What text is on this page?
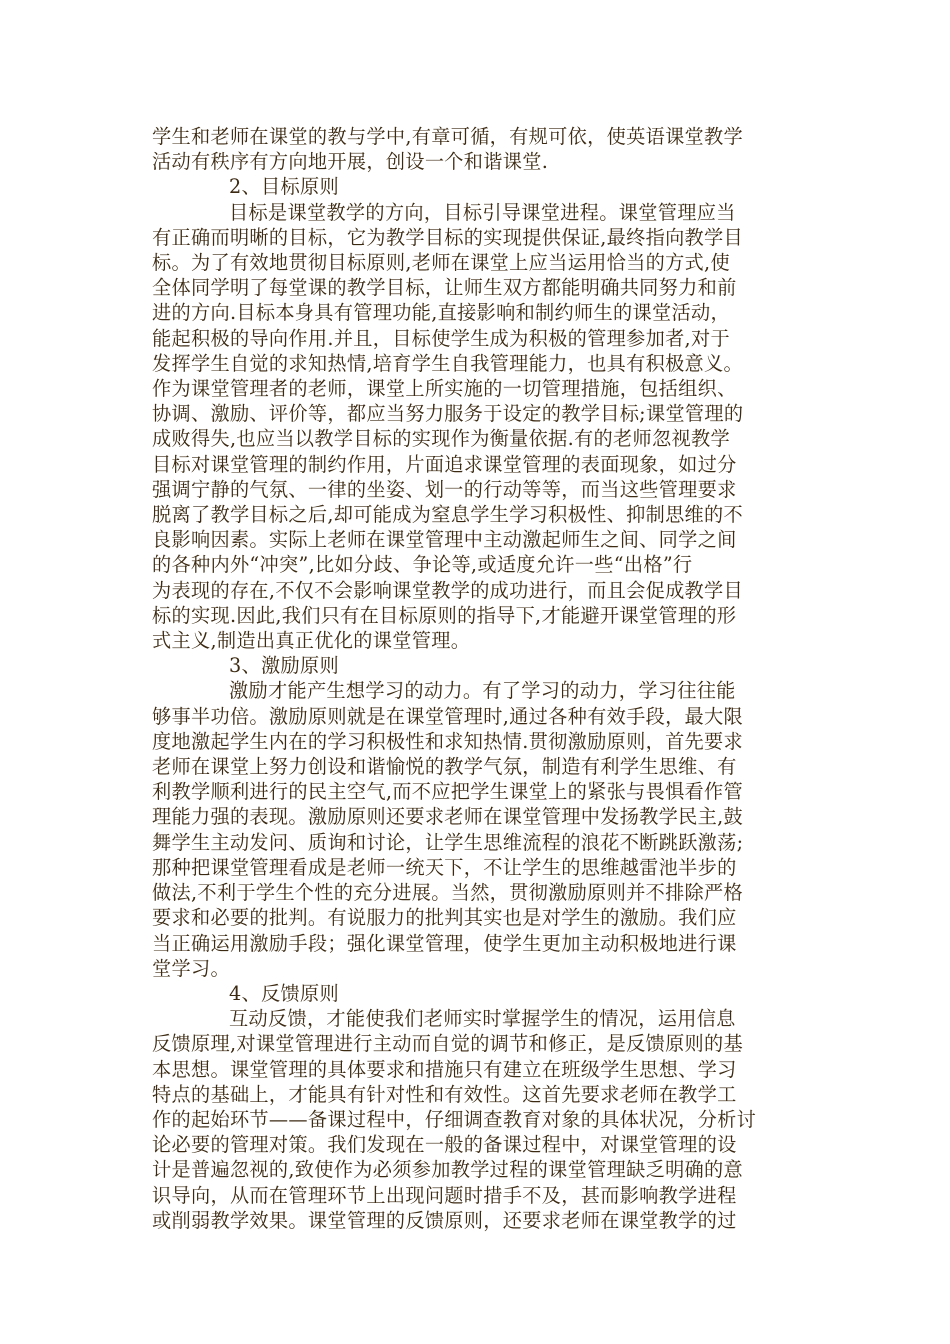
学生和老师在课堂的教与学中,有章可循，有规可依，使英语课堂教学

活动有秩序有方向地开展，创设一个和谐课堂.

2、目标原则

目标是课堂教学的方向，目标引导课堂进程。课堂管理应当

有正确而明晰的目标，它为教学目标的实现提供保证,最终指向教学目

标。为了有效地贯彻目标原则,老师在课堂上应当运用恰当的方式,使

全体同学明了每堂课的教学目标，让师生双方都能明确共同努力和前

进的方向.目标本身具有管理功能,直接影响和制约师生的课堂活动，

能起积极的导向作用.并且，目标使学生成为积极的管理参加者,对于

发挥学生自觉的求知热情,培育学生自我管理能力，也具有积极意义。

作为课堂管理者的老师，课堂上所实施的一切管理措施，包括组织、

协调、激励、评价等，都应当努力服务于设定的教学目标;课堂管理的

成败得失,也应当以教学目标的实现作为衡量依据.有的老师忽视教学

目标对课堂管理的制约作用，片面追求课堂管理的表面现象，如过分

强调宁静的气氛、一律的坐姿、划一的行动等等，而当这些管理要求

脱离了教学目标之后,却可能成为窒息学生学习积极性、抑制思维的不

良影响因素。实际上老师在课堂管理中主动激起师生之间、同学之间

的各种内外“冲突”,比如分歧、争论等,或适度允许一些“出格”行

为表现的存在,不仅不会影响课堂教学的成功进行，而且会促成教学目

标的实现.因此,我们只有在目标原则的指导下,才能避开课堂管理的形

式主义,制造出真正优化的课堂管理。

3、激励原则

激励才能产生想学习的动力。有了学习的动力，学习往往能

够事半功倍。激励原则就是在课堂管理时,通过各种有效手段，最大限

度地激起学生内在的学习积极性和求知热情.贯彻激励原则，首先要求

老师在课堂上努力创设和谐愉悦的教学气氛，制造有利学生思维、有

利教学顺利进行的民主空气,而不应把学生课堂上的紧张与畏惧看作管

理能力强的表现。激励原则还要求老师在课堂管理中发扬教学民主,鼓

舞学生主动发问、质询和讨论，让学生思维流程的浪花不断跳跃激荡;

那种把课堂管理看成是老师一统天下，不让学生的思维越雷池半步的

做法,不利于学生个性的充分进展。当然，贯彻激励原则并不排除严格

要求和必要的批判。有说服力的批判其实也是对学生的激励。我们应

当正确运用激励手段；强化课堂管理，使学生更加主动积极地进行课

堂学习。

4、反馈原则

互动反馈，才能使我们老师实时掌握学生的情况，运用信息

反馈原理,对课堂管理进行主动而自觉的调节和修正，是反馈原则的基

本思想。课堂管理的具体要求和措施只有建立在班级学生思想、学习

特点的基础上，才能具有针对性和有效性。这首先要求老师在教学工

作的起始环节——备课过程中，仔细调查教育对象的具体状况，分析讨

论必要的管理对策。我们发现在一般的备课过程中，对课堂管理的设

计是普遍忽视的,致使作为必须参加教学过程的课堂管理缺乏明确的意

识导向，从而在管理环节上出现问题时措手不及，甚而影响教学进程

或削弱教学效果。课堂管理的反馈原则，还要求老师在课堂教学的过
